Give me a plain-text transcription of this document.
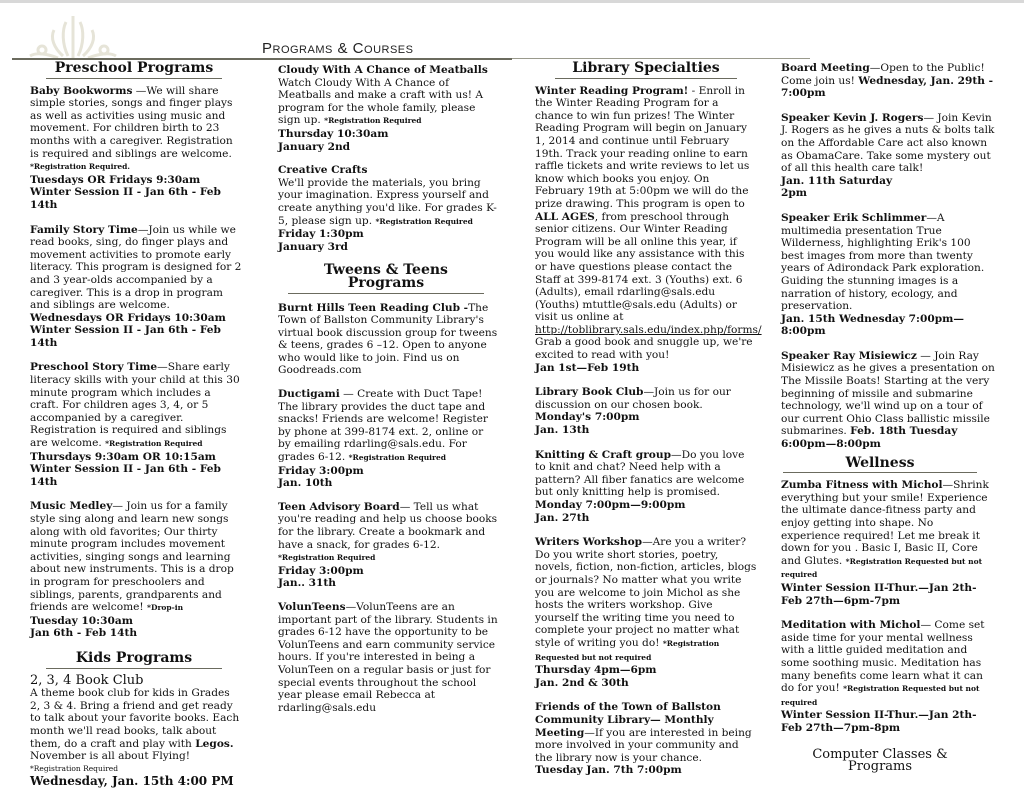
Programs & Courses
Preschool Programs
Baby Bookworms —We will share simple stories, songs and finger plays as well as activities using music and movement. For children birth to 23 months with a caregiver. Registration is required and siblings are welcome. *Registration Required.
Tuesdays OR Fridays 9:30am
Winter Session II - Jan 6th - Feb 14th
Family Story Time—Join us while we read books, sing, do finger plays and movement activities to promote early literacy. This program is designed for 2 and 3 year-olds accompanied by a caregiver. This is a drop in program and siblings are welcome.
Wednesdays OR Fridays 10:30am
Winter Session II - Jan 6th - Feb 14th
Preschool Story Time—Share early literacy skills with your child at this 30 minute program which includes a craft. For children ages 3, 4, or 5 accompanied by a caregiver. Registration is required and siblings are welcome. *Registration Required
Thursdays 9:30am OR 10:15am
Winter Session II - Jan 6th - Feb 14th
Music Medley— Join us for a family style sing along and learn new songs along with old favorites; Our thirty minute program includes movement activities, singing songs and learning about new instruments. This is a drop in program for preschoolers and siblings, parents, grandparents and friends are welcome! *Drop-in
Tuesday 10:30am
Jan 6th - Feb 14th
Kids Programs
2, 3, 4 Book Club
A theme book club for kids in Grades 2, 3 & 4. Bring a friend and get ready to talk about your favorite books. Each month we'll read books, talk about them, do a craft and play with Legos. November is all about Flying!
*Registration Required
Wednesday, Jan. 15th 4:00 PM
Cloudy With A Chance of Meatballs
Watch Cloudy With A Chance of Meatballs and make a craft with us! A program for the whole family, please sign up. *Registration Required
Thursday 10:30am
January 2nd
Creative Crafts
We'll provide the materials, you bring your imagination. Express yourself and create anything you'd like. For grades K-5, please sign up. *Registration Required
Friday 1:30pm
January 3rd
Tweens & Teens Programs
Burnt Hills Teen Reading Club -The Town of Ballston Community Library's virtual book discussion group for tweens & teens, grades 6 –12. Open to anyone who would like to join. Find us on Goodreads.com
Ductigami — Create with Duct Tape! The library provides the duct tape and snacks! Friends are welcome! Register by phone at 399-8174 ext. 2, online or by emailing rdarling@sals.edu. For grades 6-12. *Registration Required
Friday 3:00pm
Jan. 10th
Teen Advisory Board— Tell us what you're reading and help us choose books for the library. Create a bookmark and have a snack, for grades 6-12. *Registration Required
Friday 3:00pm
Jan.. 31th
VolunTeens—VolunTeens are an important part of the library. Students in grades 6-12 have the opportunity to be VolunTeens and earn community service hours. If you're interested in being a VolunTeen on a regular basis or just for special events throughout the school year please email Rebecca at rdarling@sals.edu
Library Specialties
Winter Reading Program! - Enroll in the Winter Reading Program for a chance to win fun prizes! The Winter Reading Program will begin on January 1, 2014 and continue until February 19th. Track your reading online to earn raffle tickets and write reviews to let us know which books you enjoy. On February 19th at 5:00pm we will do the prize drawing. This program is open to ALL AGES, from preschool through senior citizens. Our Winter Reading Program will be all online this year, if you would like any assistance with this or have questions please contact the Staff at 399-8174 ext. 3 (Youths) ext. 6 (Adults), email rdarling@sals.edu (Youths) mtuttle@sals.edu (Adults) or visit us online at http://toblibrary.sals.edu/index.php/forms/ Grab a good book and snuggle up, we're excited to read with you!
Jan 1st—Feb 19th
Library Book Club—Join us for our discussion on our chosen book.
Monday's 7:00pm
Jan. 13th
Knitting & Craft group—Do you love to knit and chat? Need help with a pattern? All fiber fanatics are welcome but only knitting help is promised.
Monday 7:00pm—9:00pm
Jan. 27th
Writers Workshop—Are you a writer? Do you write short stories, poetry, novels, fiction, non-fiction, articles, blogs or journals? No matter what you write you are welcome to join Michol as she hosts the writers workshop. Give yourself the writing time you need to complete your project no matter what style of writing you do! *Registration Requested but not required
Thursday 4pm—6pm
Jan. 2nd & 30th
Friends of the Town of Ballston Community Library— Monthly Meeting—If you are interested in being more involved in your community and the library now is your chance.
Tuesday Jan. 7th 7:00pm
Board Meeting—Open to the Public! Come join us! Wednesday, Jan. 29th - 7:00pm
Speaker Kevin J. Rogers— Join Kevin J. Rogers as he gives a nuts & bolts talk on the Affordable Care act also known as ObamaCare. Take some mystery out of all this health care talk!
Jan. 11th Saturday
2pm
Speaker Erik Schlimmer—A multimedia presentation True Wilderness, highlighting Erik's 100 best images from more than twenty years of Adirondack Park exploration. Guiding the stunning images is a narration of history, ecology, and preservation.
Jan. 15th Wednesday 7:00pm—8:00pm
Speaker Ray Misiewicz — Join Ray Misiewicz as he gives a presentation on The Missile Boats! Starting at the very beginning of missile and submarine technology, we'll wind up on a tour of our current Ohio Class ballistic missile submarines. Feb. 18th Tuesday 6:00pm—8:00pm
Wellness
Zumba Fitness with Michol—Shrink everything but your smile! Experience the ultimate dance-fitness party and enjoy getting into shape. No experience required! Let me break it down for you . Basic I, Basic II, Core and Glutes. *Registration Requested but not required
Winter Session II-Thur.—Jan 2th-Feb 27th—6pm-7pm
Meditation with Michol— Come set aside time for your mental wellness with a little guided meditation and some soothing music. Meditation has many benefits come learn what it can do for you! *Registration Requested but not required
Winter Session II-Thur.—Jan 2th-Feb 27th—7pm-8pm
Computer Classes & Programs
